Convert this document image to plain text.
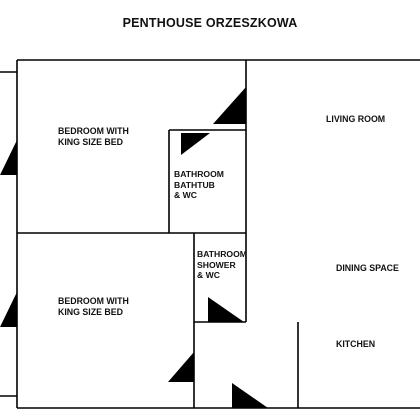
PENTHOUSE ORZESZKOWA
BEDROOM WITH
KING SIZE BED
BATHROOM
BATHTUB
& WC
BATHROOM
SHOWER
& WC
BEDROOM WITH
KING SIZE BED
LIVING ROOM
DINING SPACE
KITCHEN
